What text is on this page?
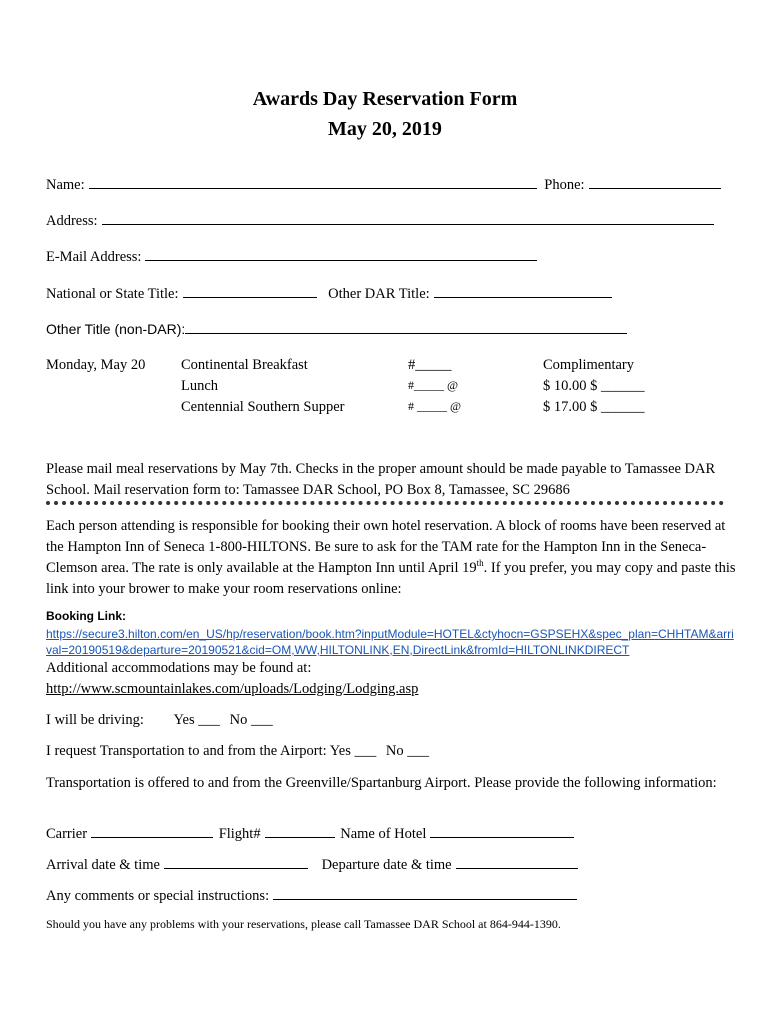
Awards Day Reservation Form
May 20, 2019
Name:	Phone:
Address:
E-Mail Address:
National or State Title:	Other DAR Title:
Other Title (non-DAR):
Monday, May 20 Continental Breakfast	#_____	Complimentary
Lunch	#_____ @	$ 10.00 $ ______
Centennial Southern Supper	# _____ @	$ 17.00 $ ______
Please mail meal reservations by May 7th. Checks in the proper amount should be made payable to Tamassee DAR School. Mail reservation form to: Tamassee DAR School, PO Box 8, Tamassee, SC 29686
Each person attending is responsible for booking their own hotel reservation. A block of rooms have been reserved at the Hampton Inn of Seneca 1-800-HILTONS. Be sure to ask for the TAM rate for the Hampton Inn in the Seneca-Clemson area. The rate is only available at the Hampton Inn until April 19th. If you prefer, you may copy and paste this link into your brower to make your room reservations online:
Booking Link:
https://secure3.hilton.com/en_US/hp/reservation/book.htm?inputModule=HOTEL&ctyhocn=GSPSEHX&spec_plan=CHHTAM&arrival=20190519&departure=20190521&cid=OM,WW,HILTONLINK,EN,DirectLink&fromId=HILTONLINKDIRECT
Additional accommodations may be found at:
http://www.scmountainlakes.com/uploads/Lodging/Lodging.asp
I will be driving: Yes ___ No ___
I request Transportation to and from the Airport: Yes ___ No ___
Transportation is offered to and from the Greenville/Spartanburg Airport. Please provide the following information:
Carrier	Flight#	Name of Hotel
Arrival date & time	Departure date & time
Any comments or special instructions:
Should you have any problems with your reservations, please call Tamassee DAR School at 864-944-1390.
